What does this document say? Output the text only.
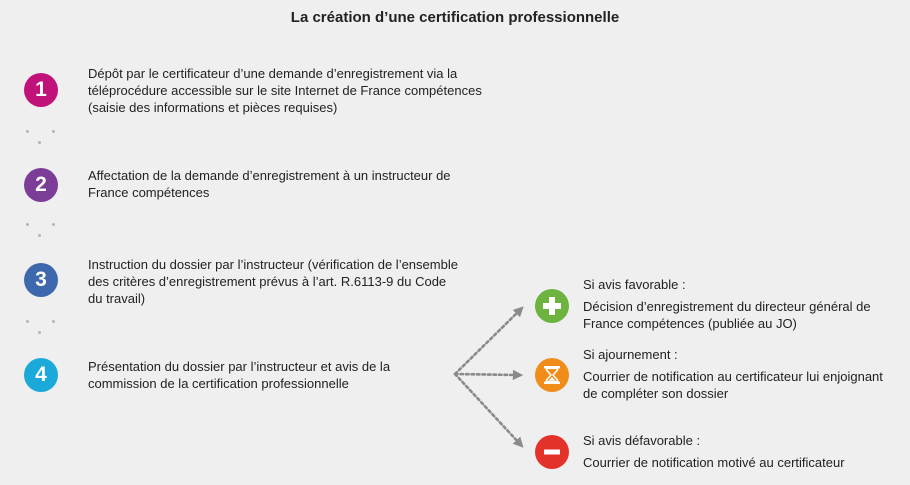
La création d’une certification professionnelle
1
Dépôt par le certificateur d’une demande d’enregistrement via la téléprocédure accessible sur le site Internet de France compétences (saisie des informations et pièces requises)
2	Affectation de la demande d’enregistrement à un instructeur de France compétences
3
Instruction du dossier par l’instructeur (vérification de l’ensemble des critères d’enregistrement prévus à l’art. R.6113-9 du Code du travail)
4	Présentation du dossier par l’instructeur et avis de la commission de la certification professionnelle
Si avis favorable :
Décision d’enregistrement du directeur général de France compétences (publiée au JO)
Si ajournement :
Courrier de notification au certificateur lui enjoignant de compléter son dossier
Si avis défavorable :
Courrier de notification motivé au certificateur
